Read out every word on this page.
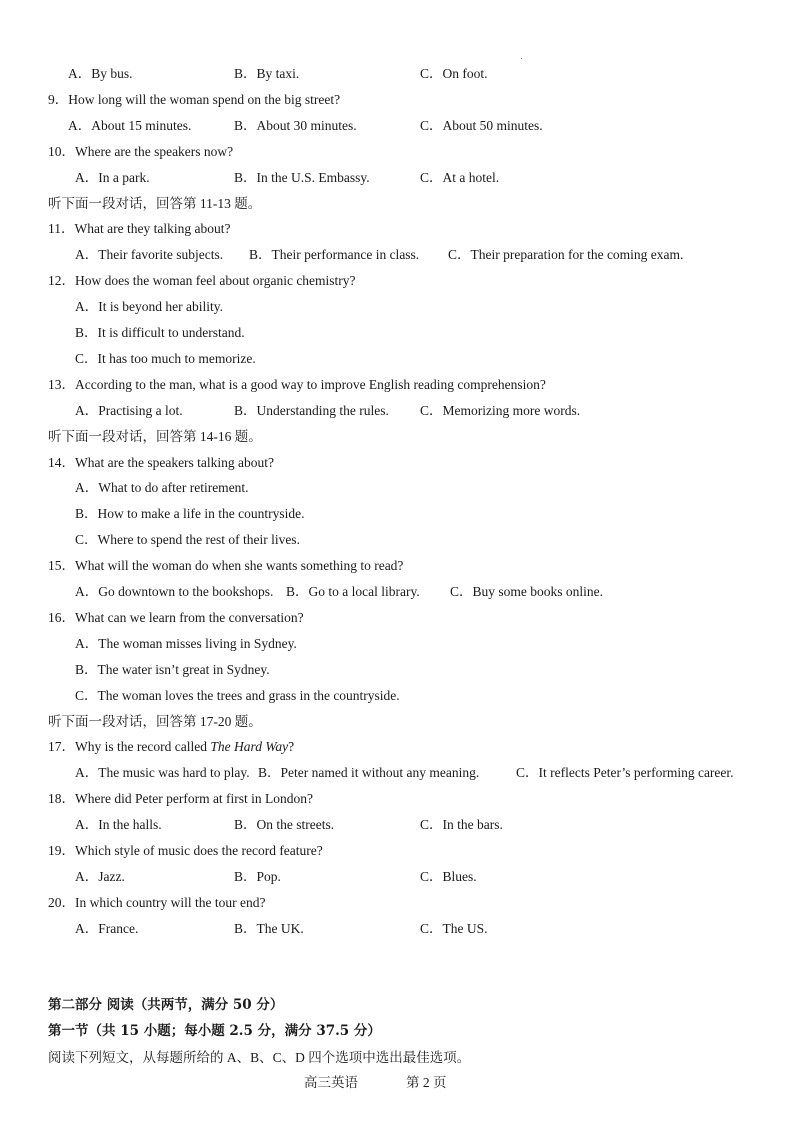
A．By bus.	B．By taxi.	C．On foot.
9．How long will the woman spend on the big street?
A．About 15 minutes.	B．About 30 minutes.	C．About 50 minutes.
10．Where are the speakers now?
A．In a park.	B．In the U.S. Embassy.	C．At a hotel.
听下面一段对话，回答第 11-13 题。
11．What are they talking about?
A．Their favorite subjects. B．Their performance in class. C．Their preparation for the coming exam.
12．How does the woman feel about organic chemistry?
A．It is beyond her ability.
B．It is difficult to understand.
C．It has too much to memorize.
13．According to the man, what is a good way to improve English reading comprehension?
A．Practising a lot.	B．Understanding the rules. C．Memorizing more words.
听下面一段对话，回答第 14-16 题。
14．What are the speakers talking about?
A．What to do after retirement.
B．How to make a life in the countryside.
C．Where to spend the rest of their lives.
15．What will the woman do when she wants something to read?
A．Go downtown to the bookshops. B．Go to a local library. C．Buy some books online.
16．What can we learn from the conversation?
A．The woman misses living in Sydney.
B．The water isn’t great in Sydney.
C．The woman loves the trees and grass in the countryside.
听下面一段对话，回答第 17-20 题。
17．Why is the record called The Hard Way?
A．The music was hard to play. B．Peter named it without any meaning.	C．It reflects Peter’s performing career.
18．Where did Peter perform at first in London?
A．In the halls.	B．On the streets.	C．In the bars.
19．Which style of music does the record feature?
A．Jazz.	B．Pop.	C．Blues.
20．In which country will the tour end?
A．France.	B．The UK.	C．The US.
第二部分 阅读（共两节，满分 50 分）
第一节（共 15 小题；每小题 2.5 分，满分 37.5 分）
阅读下列短文，从每题所给的 A、B、C、D 四个选项中选出最佳选项。
高三英语	第 2 页
